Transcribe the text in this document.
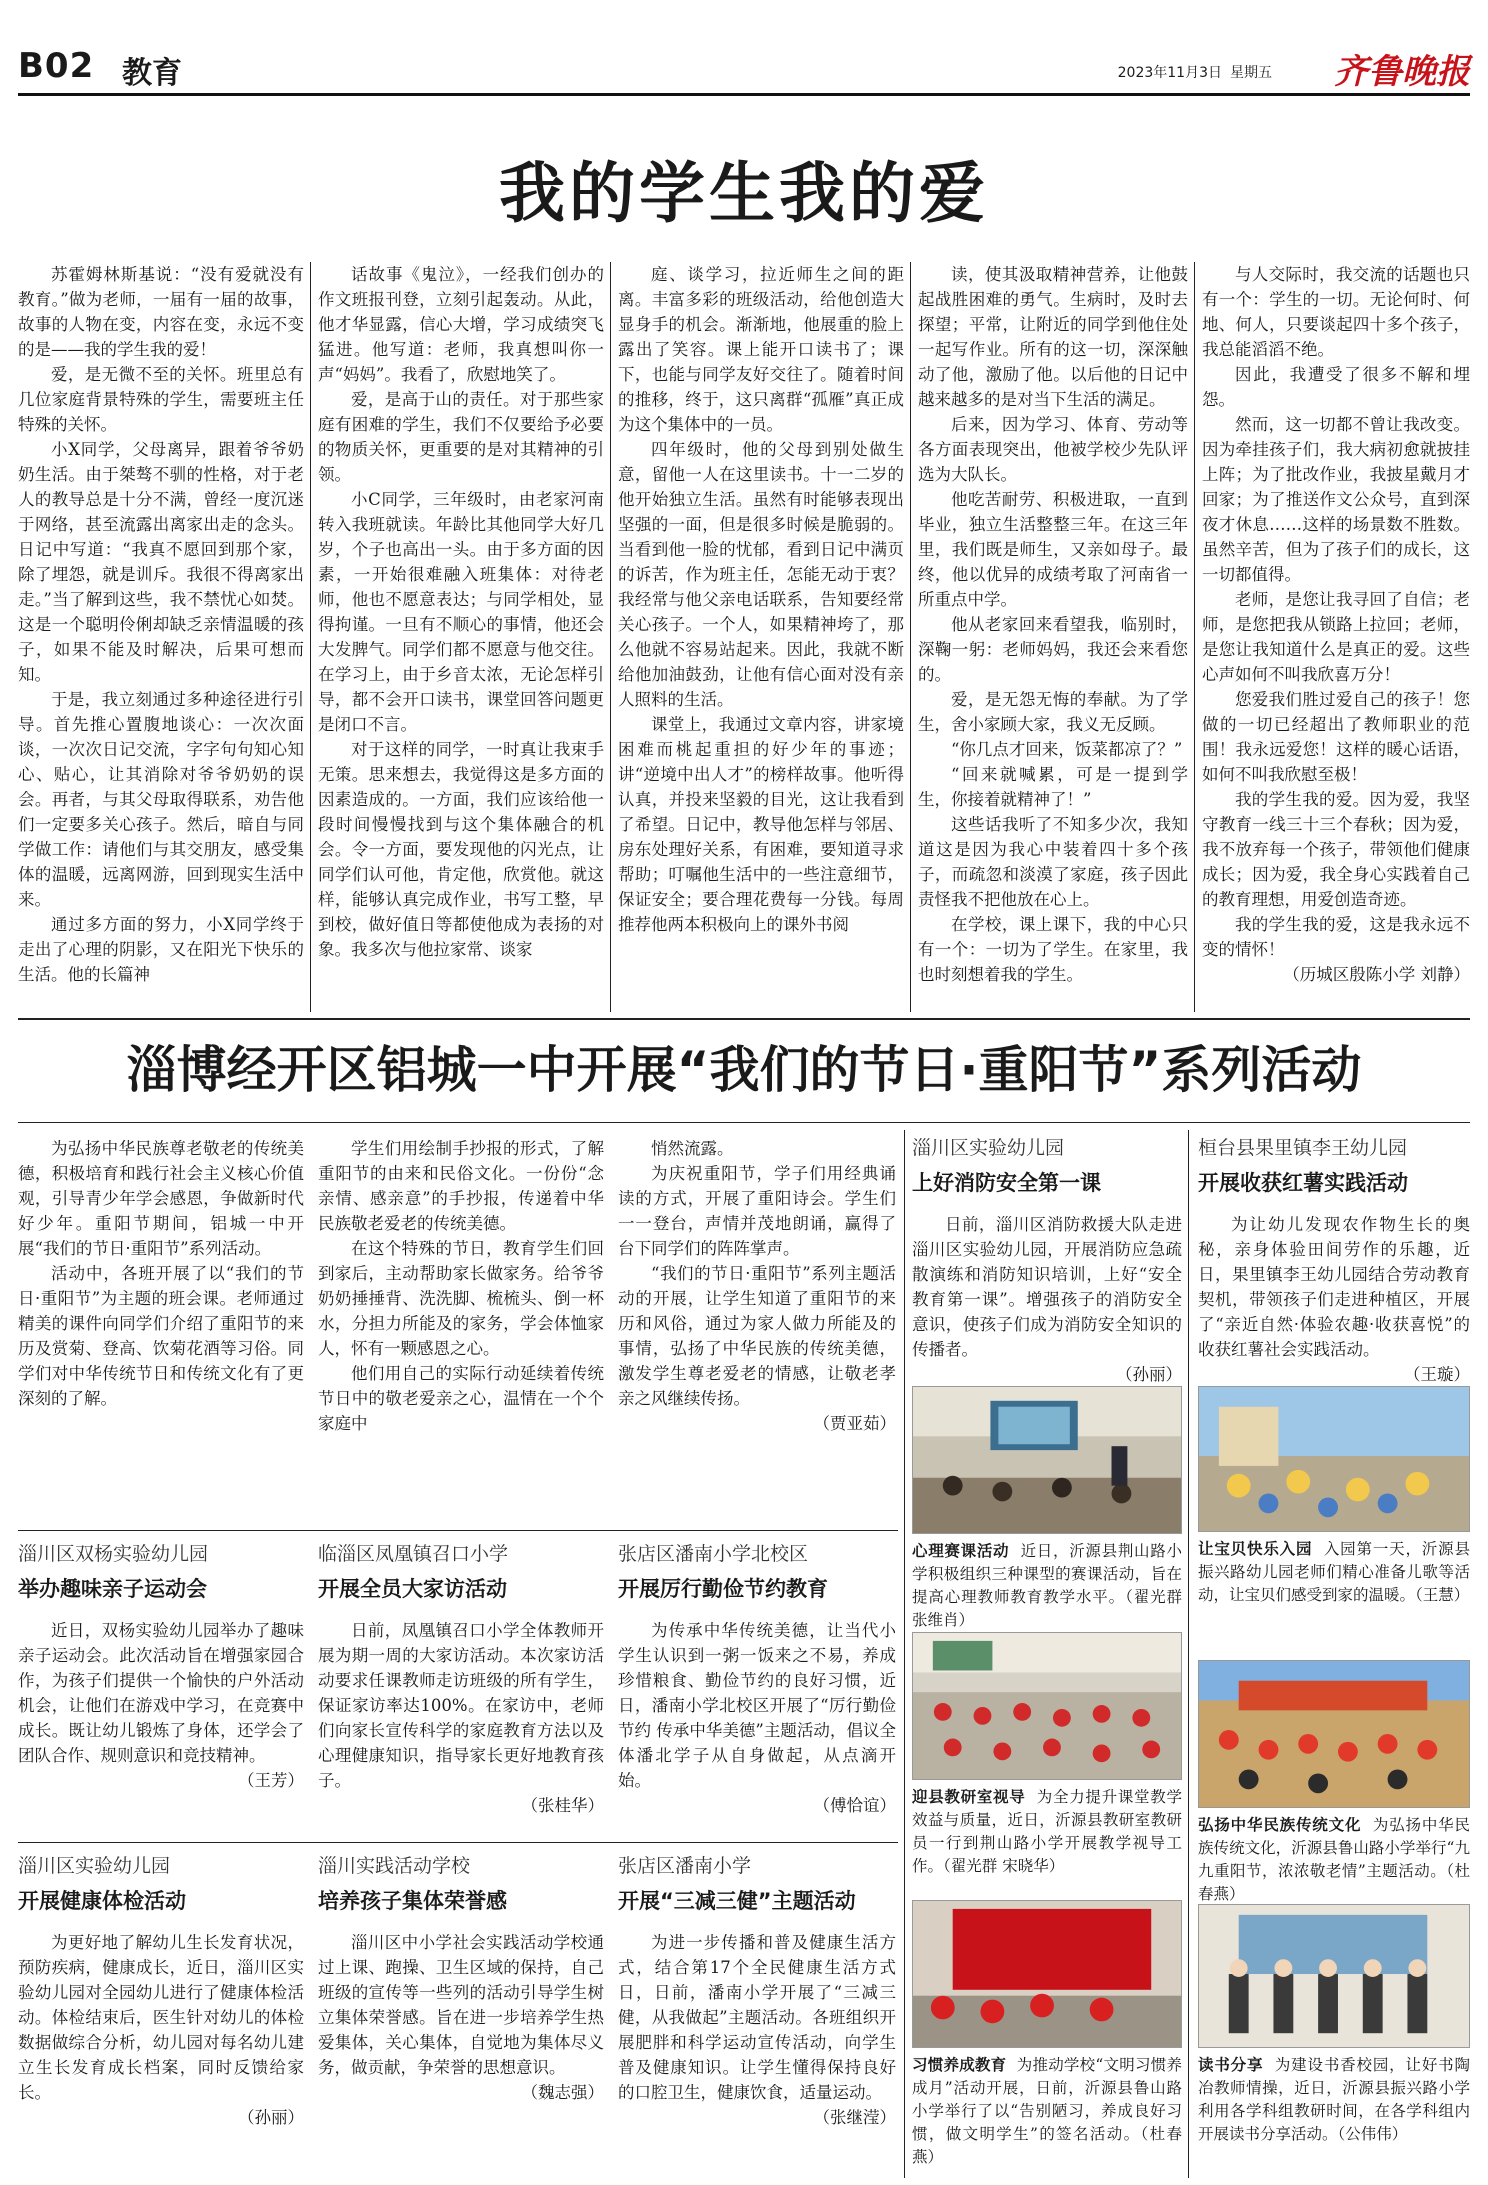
B02 教育	2023年11月3日 星期五 齐鲁晚报
我的学生我的爱

苏霍姆林斯基说：“没有爱就没有教育。”做为老师，一届有一届的故事，故事的人物在变，内容在变，永远不变的是——我的学生我的爱！

爱，是无微不至的关怀。班里总有几位家庭背景特殊的学生，需要班主任特殊的关怀。

小X同学，父母离异，跟着爷爷奶奶生活。由于桀骜不驯的性格，对于老人的教导总是十分不满，曾经一度沉迷于网络，甚至流露出离家出走的念头。日记中写道：“我真不愿回到那个家，除了埋怨，就是训斥。我很不得离家出走。”当了解到这些，我不禁忧心如焚。这是一个聪明伶俐却缺乏亲情温暖的孩子，如果不能及时解决，后果可想而知。

于是，我立刻通过多种途径进行引导。首先推心置腹地谈心：一次次面谈，一次次日记交流，字字句句知心知心、贴心，让其消除对爷爷奶奶的误会。再者，与其父母取得联系，劝告他们一定要多关心孩子。然后，暗自与同学做工作：请他们与其交朋友，感受集体的温暖，远离网游，回到现实生活中来。

通过多方面的努力，小X同学终于走出了心理的阴影，又在阳光下快乐的生活。他的长篇神

话故事《鬼泣》，一经我们创办的作文班报刊登，立刻引起轰动。从此，他才华显露，信心大增，学习成绩突飞猛进。他写道：老师，我真想叫你一声“妈妈”。我看了，欣慰地笑了。

爱，是高于山的责任。对于那些家庭有困难的学生，我们不仅要给予必要的物质关怀，更重要的是对其精神的引领。

小C同学，三年级时，由老家河南转入我班就读。年龄比其他同学大好几岁，个子也高出一头。由于多方面的因素，一开始很难融入班集体：对待老师，他也不愿意表达；与同学相处，显得拘谨。一旦有不顺心的事情，他还会大发脾气。同学们都不愿意与他交往。在学习上，由于乡音太浓，无论怎样引导，都不会开口读书，课堂回答问题更是闭口不言。

对于这样的同学，一时真让我束手无策。思来想去，我觉得这是多方面的因素造成的。一方面，我们应该给他一段时间慢慢找到与这个集体融合的机会。令一方面，要发现他的闪光点，让同学们认可他，肯定他，欣赏他。就这样，能够认真完成作业，书写工整，早到校，做好值日等都使他成为表扬的对象。我多次与他拉家常、谈家

庭、谈学习，拉近师生之间的距离。丰富多彩的班级活动，给他创造大显身手的机会。渐渐地，他展重的脸上露出了笑容。课上能开口读书了；课下，也能与同学友好交往了。随着时间的推移，终于，这只离群“孤雁”真正成为这个集体中的一员。

四年级时，他的父母到别处做生意，留他一人在这里读书。十一二岁的他开始独立生活。虽然有时能够表现出坚强的一面，但是很多时候是脆弱的。当看到他一脸的忧郁，看到日记中满页的诉苦，作为班主任，怎能无动于衷？我经常与他父亲电话联系，告知要经常关心孩子。一个人，如果精神垮了，那么他就不容易站起来。因此，我就不断给他加油鼓劲，让他有信心面对没有亲人照料的生活。

课堂上，我通过文章内容，讲家境困难而桃起重担的好少年的事迹；讲“逆境中出人才”的榜样故事。他听得认真，并投来坚毅的目光，这让我看到了希望。日记中，教导他怎样与邻居、房东处理好关系，有困难，要知道寻求帮助；叮嘱他生活中的一些注意细节，保证安全；要合理花费每一分钱。每周推荐他两本积极向上的课外书阅

读，使其汲取精神营养，让他鼓起战胜困难的勇气。生病时，及时去探望；平常，让附近的同学到他住处一起写作业。所有的这一切，深深触动了他，激励了他。以后他的日记中越来越多的是对当下生活的满足。

后来，因为学习、体育、劳动等各方面表现突出，他被学校少先队评选为大队长。

他吃苦耐劳、积极进取，一直到毕业，独立生活整整三年。在这三年里，我们既是师生，又亲如母子。最终，他以优异的成绩考取了河南省一所重点中学。

他从老家回来看望我，临别时，深鞠一躬：老师妈妈，我还会来看您的。

爱，是无怨无悔的奉献。为了学生，舍小家顾大家，我义无反顾。

“你几点才回来，饭菜都凉了？”

“回来就喊累，可是一提到学生，你接着就精神了！”

这些话我听了不知多少次，我知道这是因为我心中装着四十多个孩子，而疏忽和淡漠了家庭，孩子因此责怪我不把他放在心上。

在学校，课上课下，我的中心只有一个：一切为了学生。在家里，我也时刻想着我的学生。

与人交际时，我交流的话题也只有一个：学生的一切。无论何时、何地、何人，只要谈起四十多个孩子，我总能滔滔不绝。

因此，我遭受了很多不解和埋怨。

然而，这一切都不曾让我改变。因为牵挂孩子们，我大病初愈就披挂上阵；为了批改作业，我披星戴月才回家；为了推送作文公众号，直到深夜才休息……这样的场景数不胜数。虽然辛苦，但为了孩子们的成长，这一切都值得。

老师，是您让我寻回了自信；老师，是您把我从锁路上拉回；老师，是您让我知道什么是真正的爱。这些心声如何不叫我欣喜万分！

您爱我们胜过爱自己的孩子！您做的一切已经超出了教师职业的范围！我永远爱您！这样的暖心话语，如何不叫我欣慰至极！

我的学生我的爱。因为爱，我坚守教育一线三十三个春秋；因为爱，我不放弃每一个孩子，带领他们健康成长；因为爱，我全身心实践着自己的教育理想，用爱创造奇迹。

我的学生我的爱，这是我永远不变的情怀！

（历城区殷陈小学 刘静）

淄博经开区铝城一中开展“我们的节日·重阳节”系列活动

为弘扬中华民族尊老敬老的传统美德，积极培育和践行社会主义核心价值观，引导青少年学会感恩，争做新时代好少年。重阳节期间，铝城一中开展“我们的节日·重阳节”系列活动。

活动中，各班开展了以“我们的节日·重阳节”为主题的班会课。老师通过精美的课件向同学们介绍了重阳节的来历及赏菊、登高、饮菊花酒等习俗。同学们对中华传统节日和传统文化有了更深刻的了解。

学生们用绘制手抄报的形式，了解重阳节的由来和民俗文化。一份份“念亲情、感亲意”的手抄报，传递着中华民族敬老爱老的传统美德。

在这个特殊的节日，教育学生们回到家后，主动帮助家长做家务。给爷爷奶奶捶捶背、洗洗脚、梳梳头、倒一杯水，分担力所能及的家务，学会体恤家人，怀有一颗感恩之心。

他们用自己的实际行动延续着传统节日中的敬老爱亲之心，温情在一个个家庭中

悄然流露。

为庆祝重阳节，学子们用经典诵读的方式，开展了重阳诗会。学生们一一登台，声情并茂地朗诵，赢得了台下同学们的阵阵掌声。

“我们的节日·重阳节”系列主题活动的开展，让学生知道了重阳节的来历和风俗，通过为家人做力所能及的事情，弘扬了中华民族的传统美德，激发学生尊老爱老的情感，让敬老孝亲之风继续传扬。

（贾亚茹）

淄川区双杨实验幼儿园
举办趣味亲子运动会

近日，双杨实验幼儿园举办了趣味亲子运动会。此次活动旨在增强家园合作，为孩子们提供一个愉快的户外活动机会，让他们在游戏中学习，在竞赛中成长。既让幼儿锻炼了身体，还学会了团队合作、规则意识和竞技精神。

（王芳）

临淄区凤凰镇召口小学
开展全员大家访活动

日前，凤凰镇召口小学全体教师开展为期一周的大家访活动。本次家访活动要求任课教师走访班级的所有学生，保证家访率达100%。在家访中，老师们向家长宣传科学的家庭教育方法以及心理健康知识，指导家长更好地教育孩子。

（张桂华）

张店区潘南小学北校区
开展厉行勤俭节约教育

为传承中华传统美德，让当代小学生认识到一粥一饭来之不易，养成珍惜粮食、勤俭节约的良好习惯，近日，潘南小学北校区开展了“厉行勤俭节约 传承中华美德”主题活动，倡议全体潘北学子从自身做起，从点滴开始。

（傅恰谊）

淄川区实验幼儿园
开展健康体检活动

为更好地了解幼儿生长发育状况，预防疾病，健康成长，近日，淄川区实验幼儿园对全园幼儿进行了健康体检活动。体检结束后，医生针对幼儿的体检数据做综合分析，幼儿园对每名幼儿建立生长发育成长档案，同时反馈给家长。

（孙丽）

淄川实践活动学校
培养孩子集体荣誉感

淄川区中小学社会实践活动学校通过上课、跑操、卫生区域的保持，自己班级的宣传等一些列的活动引导学生树立集体荣誉感。旨在进一步培养学生热爱集体，关心集体，自觉地为集体尽义务，做贡献，争荣誉的思想意识。

（魏志强）

张店区潘南小学
开展“三减三健”主题活动

为进一步传播和普及健康生活方式，结合第17个全民健康生活方式日，日前，潘南小学开展了“三减三健，从我做起”主题活动。各班组织开展肥胖和科学运动宣传活动，向学生普及健康知识。让学生懂得保持良好的口腔卫生，健康饮食，适量运动。

（张继滢）

淄川区实验幼儿园
上好消防安全第一课

日前，淄川区消防救援大队走进淄川区实验幼儿园，开展消防应急疏散演练和消防知识培训，上好“安全教育第一课”。增强孩子的消防安全意识，使孩子们成为消防安全知识的传播者。

（孙丽）

桓台县果里镇李王幼儿园
开展收获红薯实践活动

为让幼儿发现农作物生长的奥秘，亲身体验田间劳作的乐趣，近日，果里镇李王幼儿园结合劳动教育契机，带领孩子们走进种植区，开展了“亲近自然·体验农趣·收获喜悦”的收获红薯社会实践活动。

（王璇）

心理赛课活动 近日，沂源县荆山路小学积极组织三种课型的赛课活动，旨在提高心理教师教育教学水平。（翟光群 张维肖）
迎县教研室视导 为全力提升课堂教学效益与质量，近日，沂源县教研室教研员一行到荆山路小学开展教学视导工作。（翟光群 宋晓华）
习惯养成教育 为推动学校“文明习惯养成月”活动开展，日前，沂源县鲁山路小学举行了以“告别陋习，养成良好习惯，做文明学生”的签名活动。（杜春燕）
让宝贝快乐入园 入园第一天，沂源县振兴路幼儿园老师们精心准备儿歌等活动，让宝贝们感受到家的温暖。（王慧）
弘扬中华民族传统文化 为弘扬中华民族传统文化，沂源县鲁山路小学举行“九九重阳节，浓浓敬老情”主题活动。（杜春燕）
读书分享 为建设书香校园，让好书陶冶教师情操，近日，沂源县振兴路小学利用各学科组教研时间，在各学科组内开展读书分享活动。（公伟伟）
